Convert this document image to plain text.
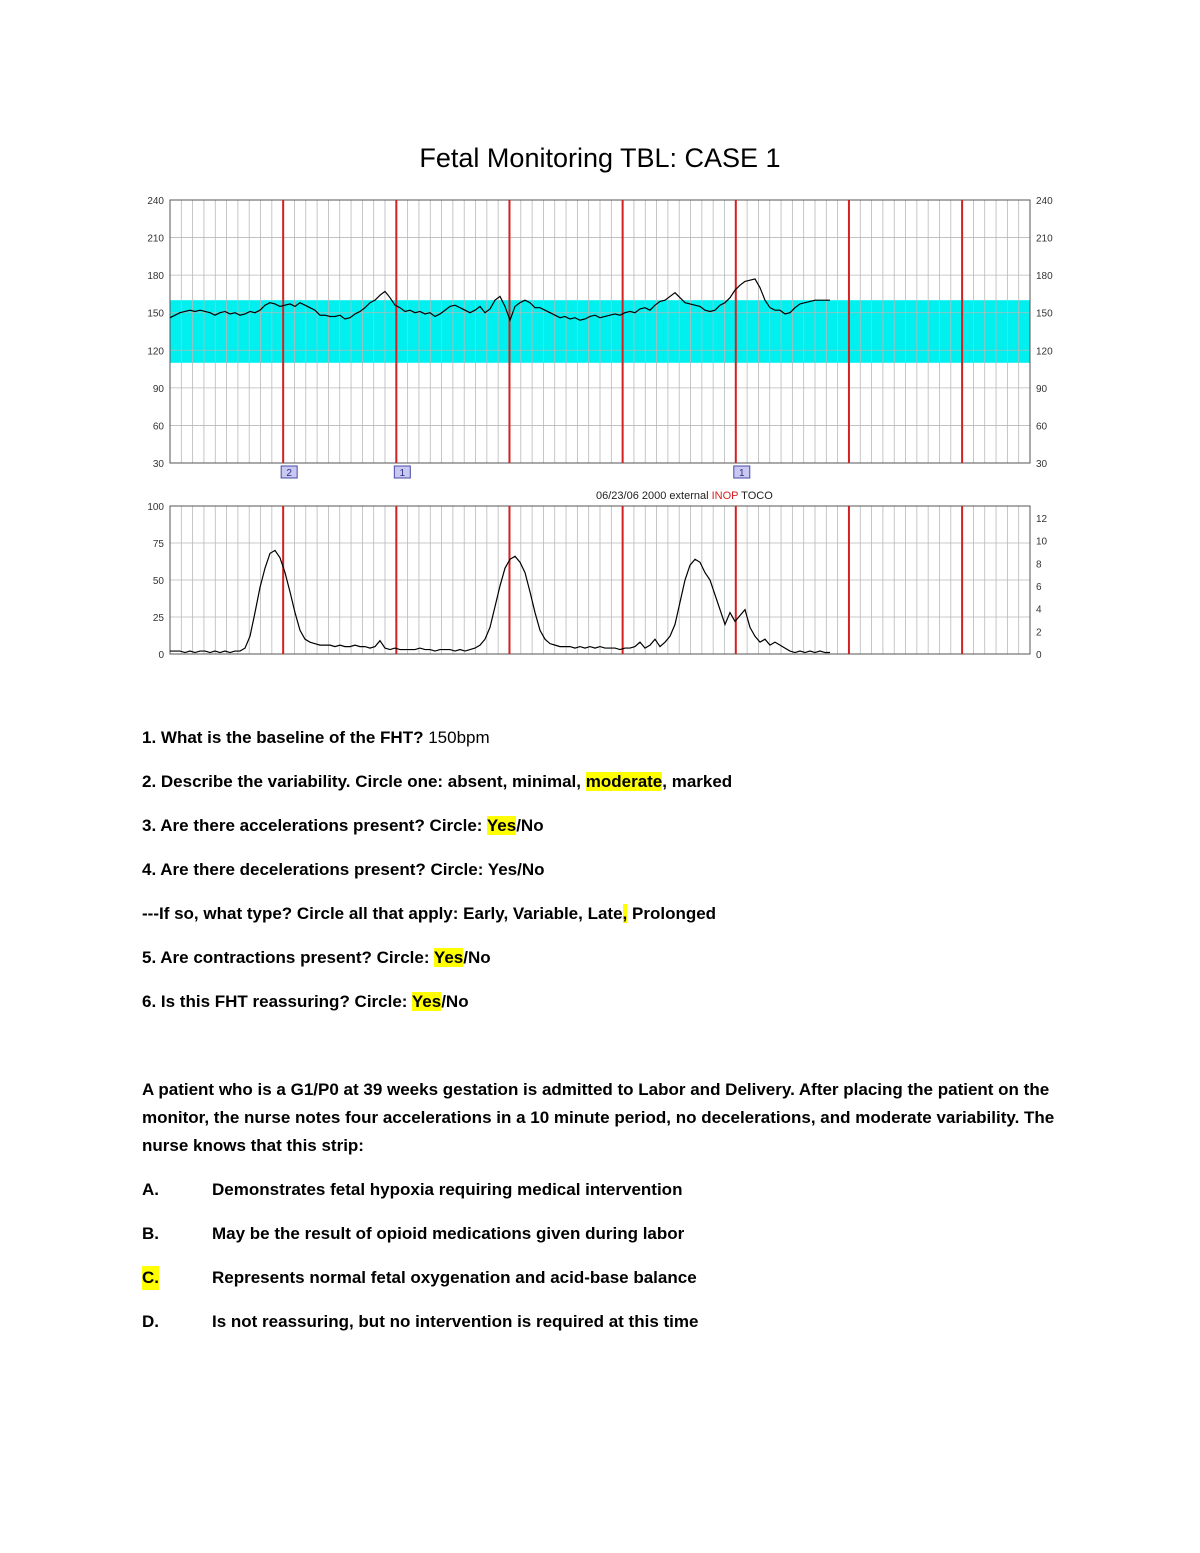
Fetal Monitoring TBL: CASE 1
240
210
180
150
120
90
60
30
240
210
180
150
120
90
60
30
100
75
50
25
0
12
10
8
6
4
2
0
2	1	1
06/23/06 2000 external INOP TOCO
1. What is the baseline of the FHT? 150bpm
2. Describe the variability. Circle one: absent, minimal, moderate, marked
3. Are there accelerations present? Circle: Yes/No
4. Are there decelerations present? Circle: Yes/No
---If so, what type? Circle all that apply: Early, Variable, Late, Prolonged
5. Are contractions present? Circle: Yes/No
6. Is this FHT reassuring? Circle: Yes/No

A patient who is a G1/P0 at 39 weeks gestation is admitted to Labor and Delivery. After placing the patient on the monitor, the nurse notes four accelerations in a 10 minute period, no decelerations, and moderate variability. The nurse knows that this strip:

A.	Demonstrates fetal hypoxia requiring medical intervention
B.	May be the result of opioid medications given during labor
C.	Represents normal fetal oxygenation and acid-base balance
D.	Is not reassuring, but no intervention is required at this time
